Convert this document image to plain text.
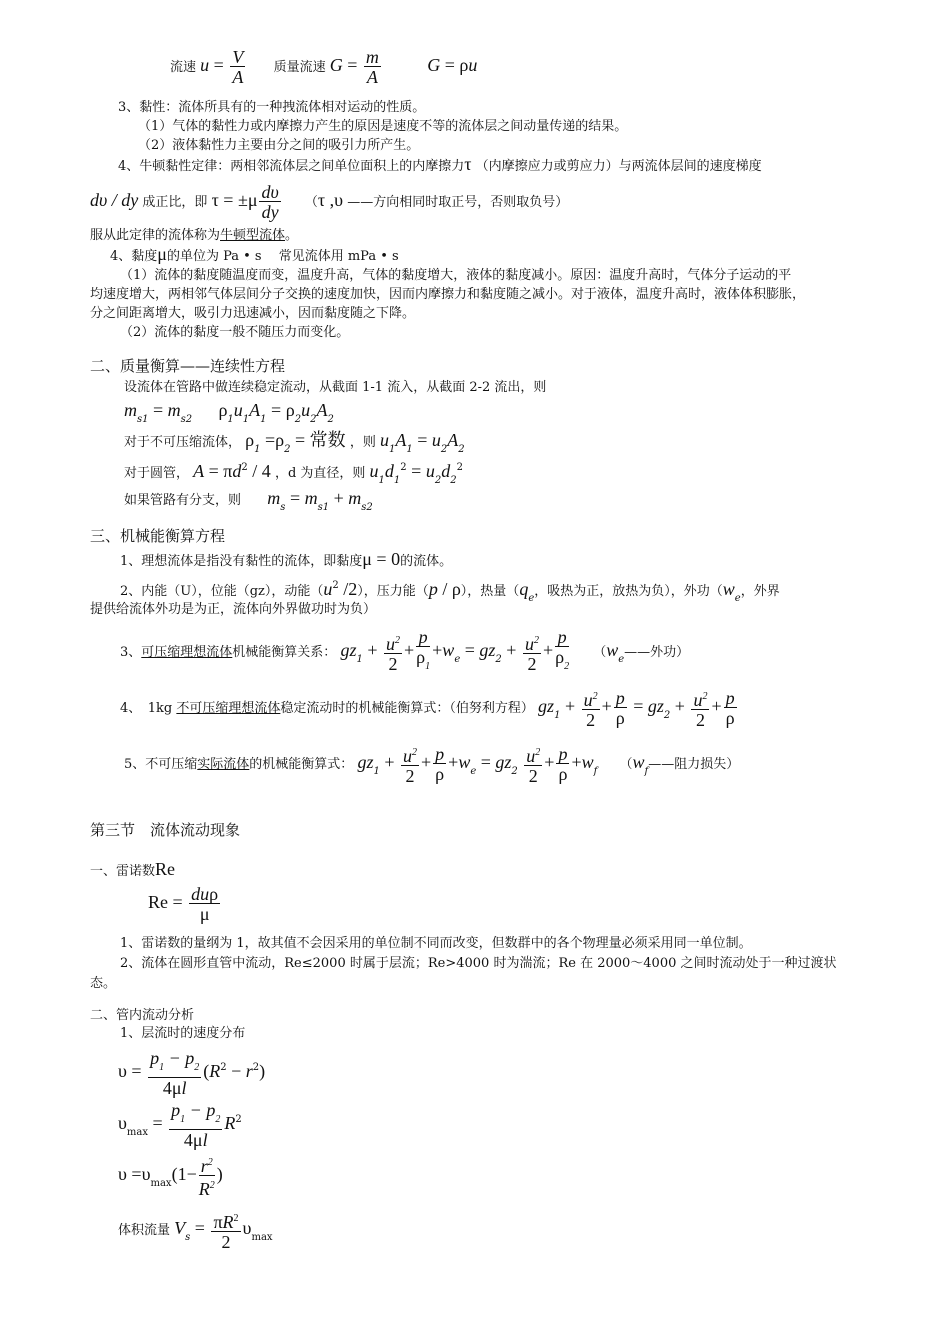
流速 $u = \frac{V}{A}$ 质量流速 $G = \frac{m}{A}$	G = ρu
3、黏性：流体所具有的一种拽流体相对运动的性质。
（1）气体的黏性力或内摩擦力产生的原因是速度不等的流体层之间动量传递的结果。
（2）液体黏性力主要由分之间的吸引力所产生。
4、牛顿黏性定律：两相邻流体层之间单位面积上的内摩擦力τ （内摩擦应力或剪应力）与两流体层间的速度梯度
dυ / dy 成正比，即 $\tau = \pm\mu \frac{d\upsilon}{dy} (\tau$ ,υ ——方向相同时取正号，否则取负号）
服从此定律的流体称为牛顿型流体。
4、黏度μ的单位为 Pa • s　 常见流体用 mPa • s
（1）流体的黏度随温度而变，温度升高，气体的黏度增大，液体的黏度减小。原因：温度升高时，气体分子运动的平
均速度增大，两相邻气体层间分子交换的速度加快，因而内摩擦力和黏度随之减小。对于液体，温度升高时，液体体积膨胀，
分之间距离增大，吸引力迅速减小，因而黏度随之下降。
（2）流体的黏度一般不随压力而变化。
二、质量衡算——连续性方程
设流体在管路中做连续稳定流动，从截面 1-1 流入，从截面 2-2 流出，则
$m_{s1} = m_{s2}$ $\rho_1u_1A_1 = \rho_2u_2A_2$
对于不可压缩流体， $\rho_1 =\rho_2$ = 常数 ，则 $u_1A_1 = u_2A_2$
对于圆管， $A = \pi d^2 / 4$ ，d 为直径，则 $u_1d_1^2 = u_2d_2^2$
如果管路有分支，则 $m_s = m_{s1} + m_{s2}$
三、机械能衡算方程
1、理想流体是指没有黏性的流体，即黏度μ = 0的流体。
2、内能（U），位能（gz），动能（$u^2$ /2），压力能（p / ρ），热量（$q_e$，吸热为正，放热为负），外功（$w_e$，外界
提供给流体外功是为正，流体向外界做功时为负）
3、可压缩理想流体机械能衡算关系： $gz_1 + \frac{u^2}{2} + \frac{p}{\rho_1} +w_e = gz_2 + \frac{u^2}{2} + \frac{p}{\rho_2}$ （$w_e——$外功）
4、　1kg 不可压缩理想流体稳定流动时的机械能衡算式：（伯努利方程） $gz_1 + \frac{u^2}{2} + \frac{p}{\rho} = gz_2 + \frac{u^2}{2} + \frac{p}{\rho}$
5、不可压缩实际流体的机械能衡算式： $gz_1 + \frac{u^2}{2} + \frac{p}{\rho} +w_e = gz_2 \frac{u^2}{2} + \frac{p}{\rho} +w_f$ （$w_f——$阻力损失）
第三节　流体流动现象
一、雷诺数Re
$Re = \frac{\text{duρ}}{\mu}$
1、雷诺数的量纲为 1，故其值不会因采用的单位制不同而改变，但数群中的各个物理量必须采用同一单位制。
2、流体在圆形直管中流动，Re≤2000 时属于层流；Re>4000 时为湍流；Re 在 2000～4000 之间时流动处于一种过渡状
态。
二、管内流动分析
1、层流时的速度分布
$\upsilon = \frac{p_1 - p_2}{4\mu l} (R^2 - r^2)$
$\upsilon_{max} = \frac{p_1 - p_2}{4\mu l} R^2$
$\upsilon =\upsilon_{max}(1- \frac{r^2}{R^2}$ )
体积流量 $V_s = \frac{\pi R^2}{2} \upsilon_{max}$
